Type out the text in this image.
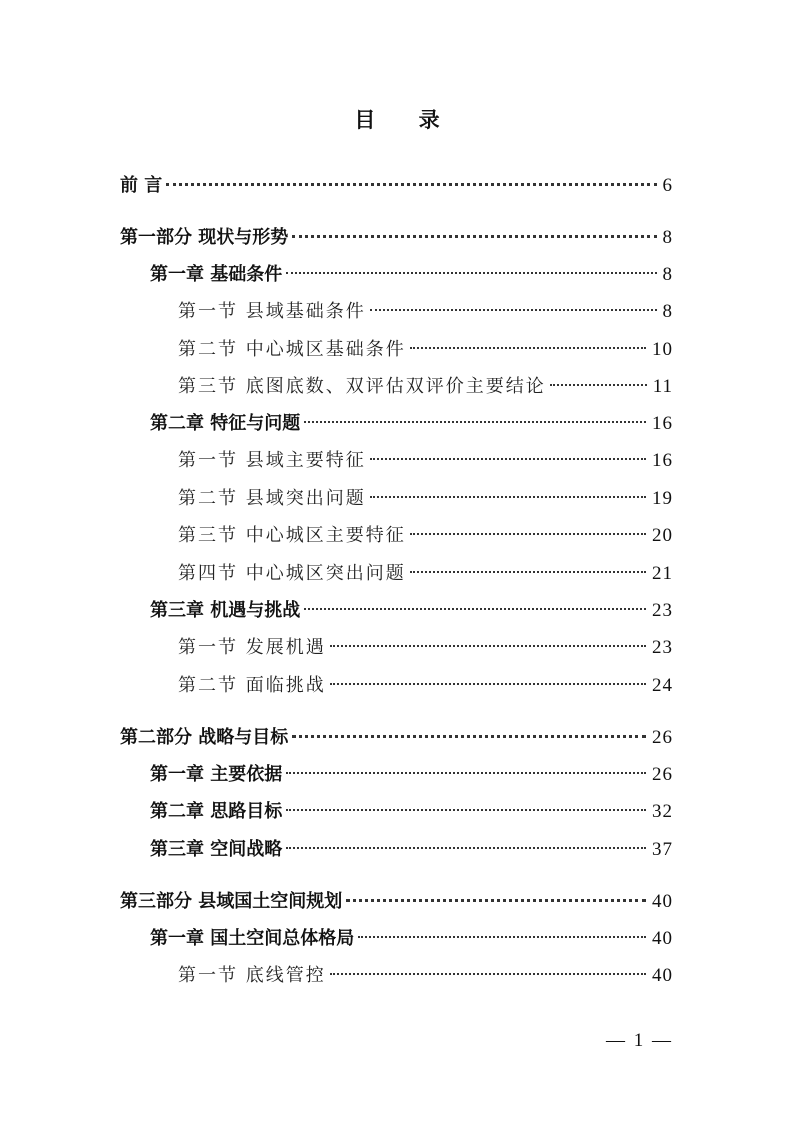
目 录
前 言	6
第一部分 现状与形势	8
第一章 基础条件	8
第一节 县域基础条件	8
第二节 中心城区基础条件	10
第三节 底图底数、双评估双评价主要结论	11
第二章 特征与问题	16
第一节 县域主要特征	16
第二节 县域突出问题	19
第三节 中心城区主要特征	20
第四节 中心城区突出问题	21
第三章 机遇与挑战	23
第一节 发展机遇	23
第二节 面临挑战	24
第二部分 战略与目标	26
第一章 主要依据	26
第二章 思路目标	32
第三章 空间战略	37
第三部分 县域国土空间规划	40
第一章 国土空间总体格局	40
第一节 底线管控	40
— 1 —
